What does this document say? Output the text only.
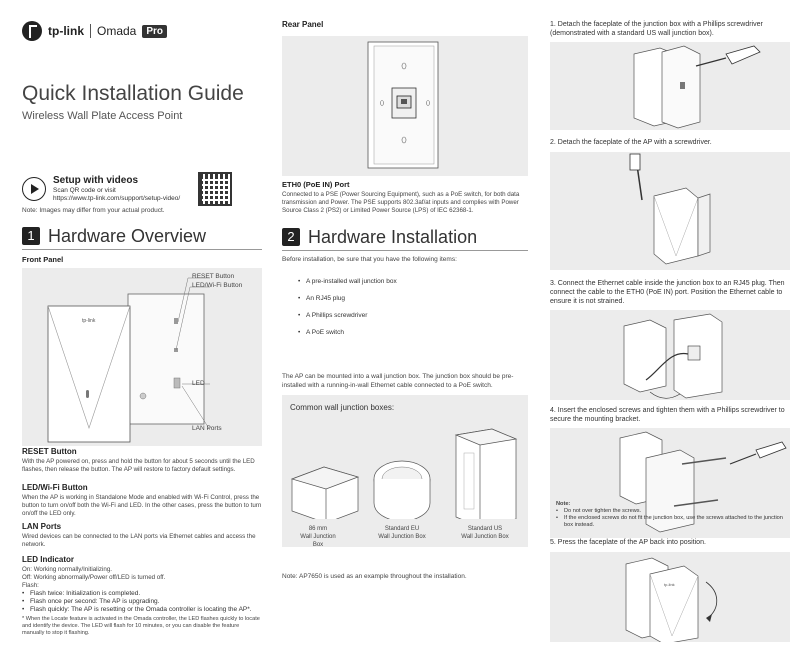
tp-link Omada	Pro
Quick Installation Guide
Wireless Wall Plate Access Point
Setup with videos
Scan QR code or visit
https://www.tp-link.com/support/setup-video/
Note: Images may differ from your actual product.
1 Hardware Overview
Front Panel
tp-link
RESET Button
LED/Wi-Fi Button
LED
LAN Ports
RESET Button
With the AP powered on, press and hold the button for about 5 seconds until the LED flashes, then release the button. The AP will restore to factory default settings.
LED/Wi-Fi Button
When the AP is working in Standalone Mode and enabled with Wi-Fi Control, press the button to turn on/off both the Wi-Fi and LED. In the other cases, press the button to turn on/off the LED only.
LAN Ports
Wired devices can be connected to the LAN ports via Ethernet cables and access the network.
LED Indicator
On: Working normally/Initializing.
Off: Working abnormally/Power off/LED is turned off.
Flash:
• Flash twice: Initialization is completed.
• Flash once per second: The AP is upgrading.
• Flash quickly: The AP is resetting or the Omada controller is locating the AP*.
* When the Locate feature is activated in the Omada controller, the LED flashes quickly to locate and identify the device. The LED will flash for 10 minutes, or you can disable the feature manually to stop it flashing.
Rear Panel
ETH0 (PoE IN) Port
Connected to a PSE (Power Sourcing Equipment), such as a PoE switch, for both data transmission and Power. The PSE supports 802.3af/at inputs and complies with Power Source Class 2 (PS2) or Limited Power Source (LPS) of IEC 62368-1.
2 Hardware Installation
Before installation, be sure that you have the following items:
• A pre-installed wall junction box
• An RJ45 plug
• A Phillips screwdriver
• A PoE switch
The AP can be mounted into a wall junction box. The junction box should be pre-installed with a running-in-wall Ethernet cable connected to a PoE switch.
Common wall junction boxes:
86 mm
Wall Junction Box
Standard EU
Wall Junction Box
Standard US
Wall Junction Box
Note: AP7650 is used as an example throughout the installation.
1. Detach the faceplate of the junction box with a Phillips screwdriver (demonstrated with a standard US wall junction box).
2. Detach the faceplate of the AP with a screwdriver.
3. Connect the Ethernet cable inside the junction box to an RJ45 plug. Then connect the cable to the ETH0 (PoE IN) port. Position the Ethernet cable to ensure it is not strained.
4. Insert the enclosed screws and tighten them with a Phillips screwdriver to secure the mounting bracket.
Note:
• Do not over tighten the screws.
• If the enclosed screws do not fit the junction box, use the screws attached to the junction box instead.
5. Press the faceplate of the AP back into position.
tp-link
